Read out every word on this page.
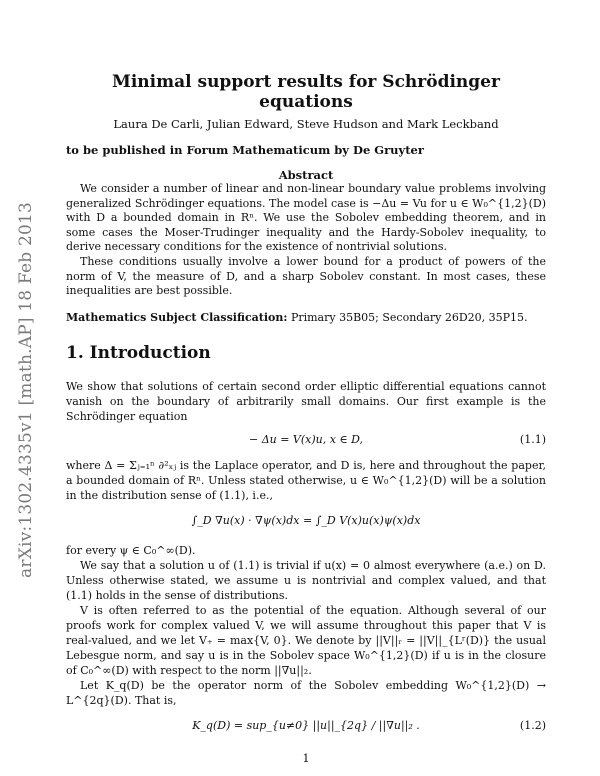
arXiv:1302.4335v1 [math.AP] 18 Feb 2013
Minimal support results for Schrödinger equations
Laura De Carli, Julian Edward, Steve Hudson and Mark Leckband
to be published in Forum Mathematicum by De Gruyter
Abstract

We consider a number of linear and non-linear boundary value problems involving generalized Schrödinger equations. The model case is −Δu = Vu for u ∈ W₀^{1,2}(D) with D a bounded domain in Rⁿ. We use the Sobolev embedding theorem, and in some cases the Moser-Trudinger inequality and the Hardy-Sobolev inequality, to derive necessary conditions for the existence of nontrivial solutions.

These conditions usually involve a lower bound for a product of powers of the norm of V, the measure of D, and a sharp Sobolev constant. In most cases, these inequalities are best possible.

Mathematics Subject Classification: Primary 35B05; Secondary 26D20, 35P15.
1. Introduction

We show that solutions of certain second order elliptic differential equations cannot vanish on the boundary of arbitrarily small domains. Our first example is the Schrödinger equation

− Δu = V(x)u, x ∈ D,	(1.1)

where Δ = Σⱼ₌₁ⁿ ∂²ₓⱼ is the Laplace operator, and D is, here and throughout the paper, a bounded domain of Rⁿ. Unless stated otherwise, u ∈ W₀^{1,2}(D) will be a solution in the distribution sense of (1.1), i.e.,

∫_D ∇u(x) · ∇ψ(x)dx = ∫_D V(x)u(x)ψ(x)dx

for every ψ ∈ C₀^∞(D).

We say that a solution u of (1.1) is trivial if u(x) = 0 almost everywhere (a.e.) on D. Unless otherwise stated, we assume u is nontrivial and complex valued, and that (1.1) holds in the sense of distributions.

V is often referred to as the potential of the equation. Although several of our proofs work for complex valued V, we will assume throughout this paper that V is real-valued, and we let V₊ = max{V, 0}. We denote by ||V||ᵣ = ||V||_{Lʳ(D)} the usual Lebesgue norm, and say u is in the Sobolev space W₀^{1,2}(D) if u is in the closure of C₀^∞(D) with respect to the norm ||∇u||₂.

Let K_q(D) be the operator norm of the Sobolev embedding W₀^{1,2}(D) → L^{2q}(D). That is,

K_q(D) = sup_{u≠0} ||u||_{2q} / ||∇u||₂ .	(1.2)
1
